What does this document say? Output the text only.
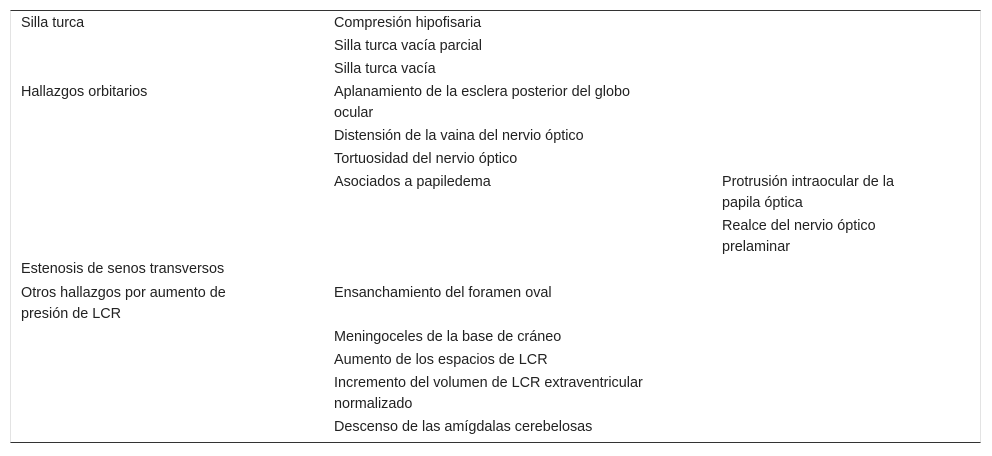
Silla turca
Hallazgos orbitarios
Estenosis de senos transversos
Otros hallazgos por aumento de
presión de LCR
Compresión hipofisaria
Silla turca vacía parcial
Silla turca vacía
Aplanamiento de la esclera posterior del globo
ocular
Distensión de la vaina del nervio óptico
Tortuosidad del nervio óptico
Asociados a papiledema
Ensanchamiento del foramen oval
Meningoceles de la base de cráneo
Aumento de los espacios de LCR
Incremento del volumen de LCR extraventricular
normalizado
Descenso de las amígdalas cerebelosas
Protrusión intraocular de la
papila óptica
Realce del nervio óptico
prelaminar
